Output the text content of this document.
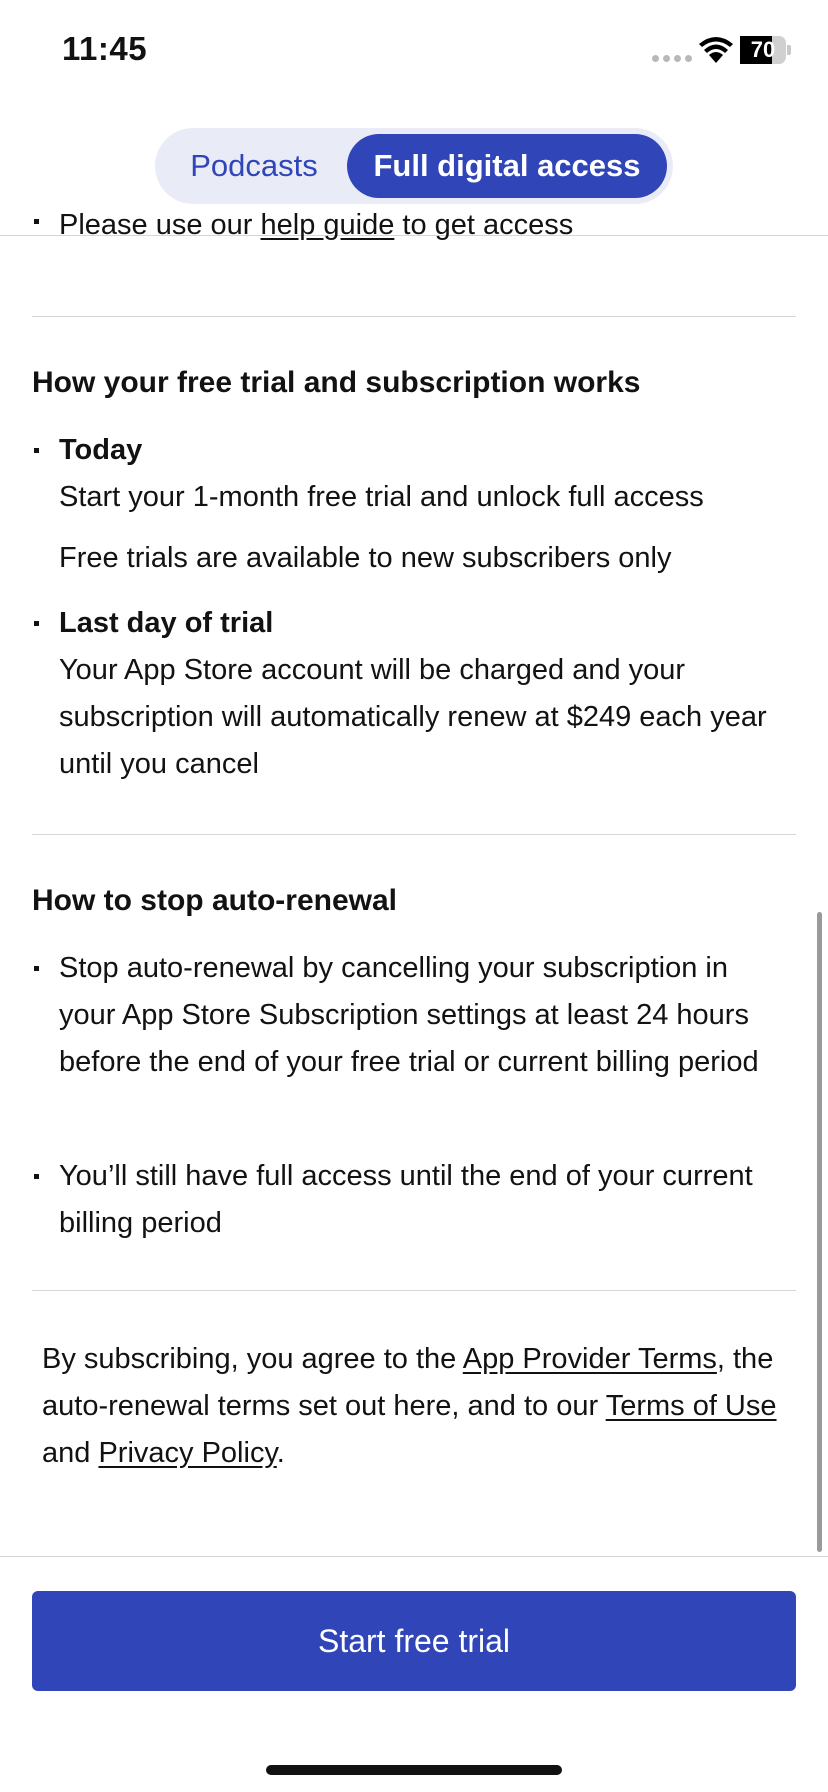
11:45	70
Podcasts	Full digital access
Please use our help guide to get access
How your free trial and subscription works
Today
Start your 1-month free trial and unlock full access
Free trials are available to new subscribers only
Last day of trial
Your App Store account will be charged and your subscription will automatically renew at $249 each year until you cancel
How to stop auto-renewal
Stop auto-renewal by cancelling your subscription in your App Store Subscription settings at least 24 hours before the end of your free trial or current billing period
You’ll still have full access until the end of your current billing period
By subscribing, you agree to the App Provider Terms, the auto-renewal terms set out here, and to our Terms of Use and Privacy Policy.
Start free trial
